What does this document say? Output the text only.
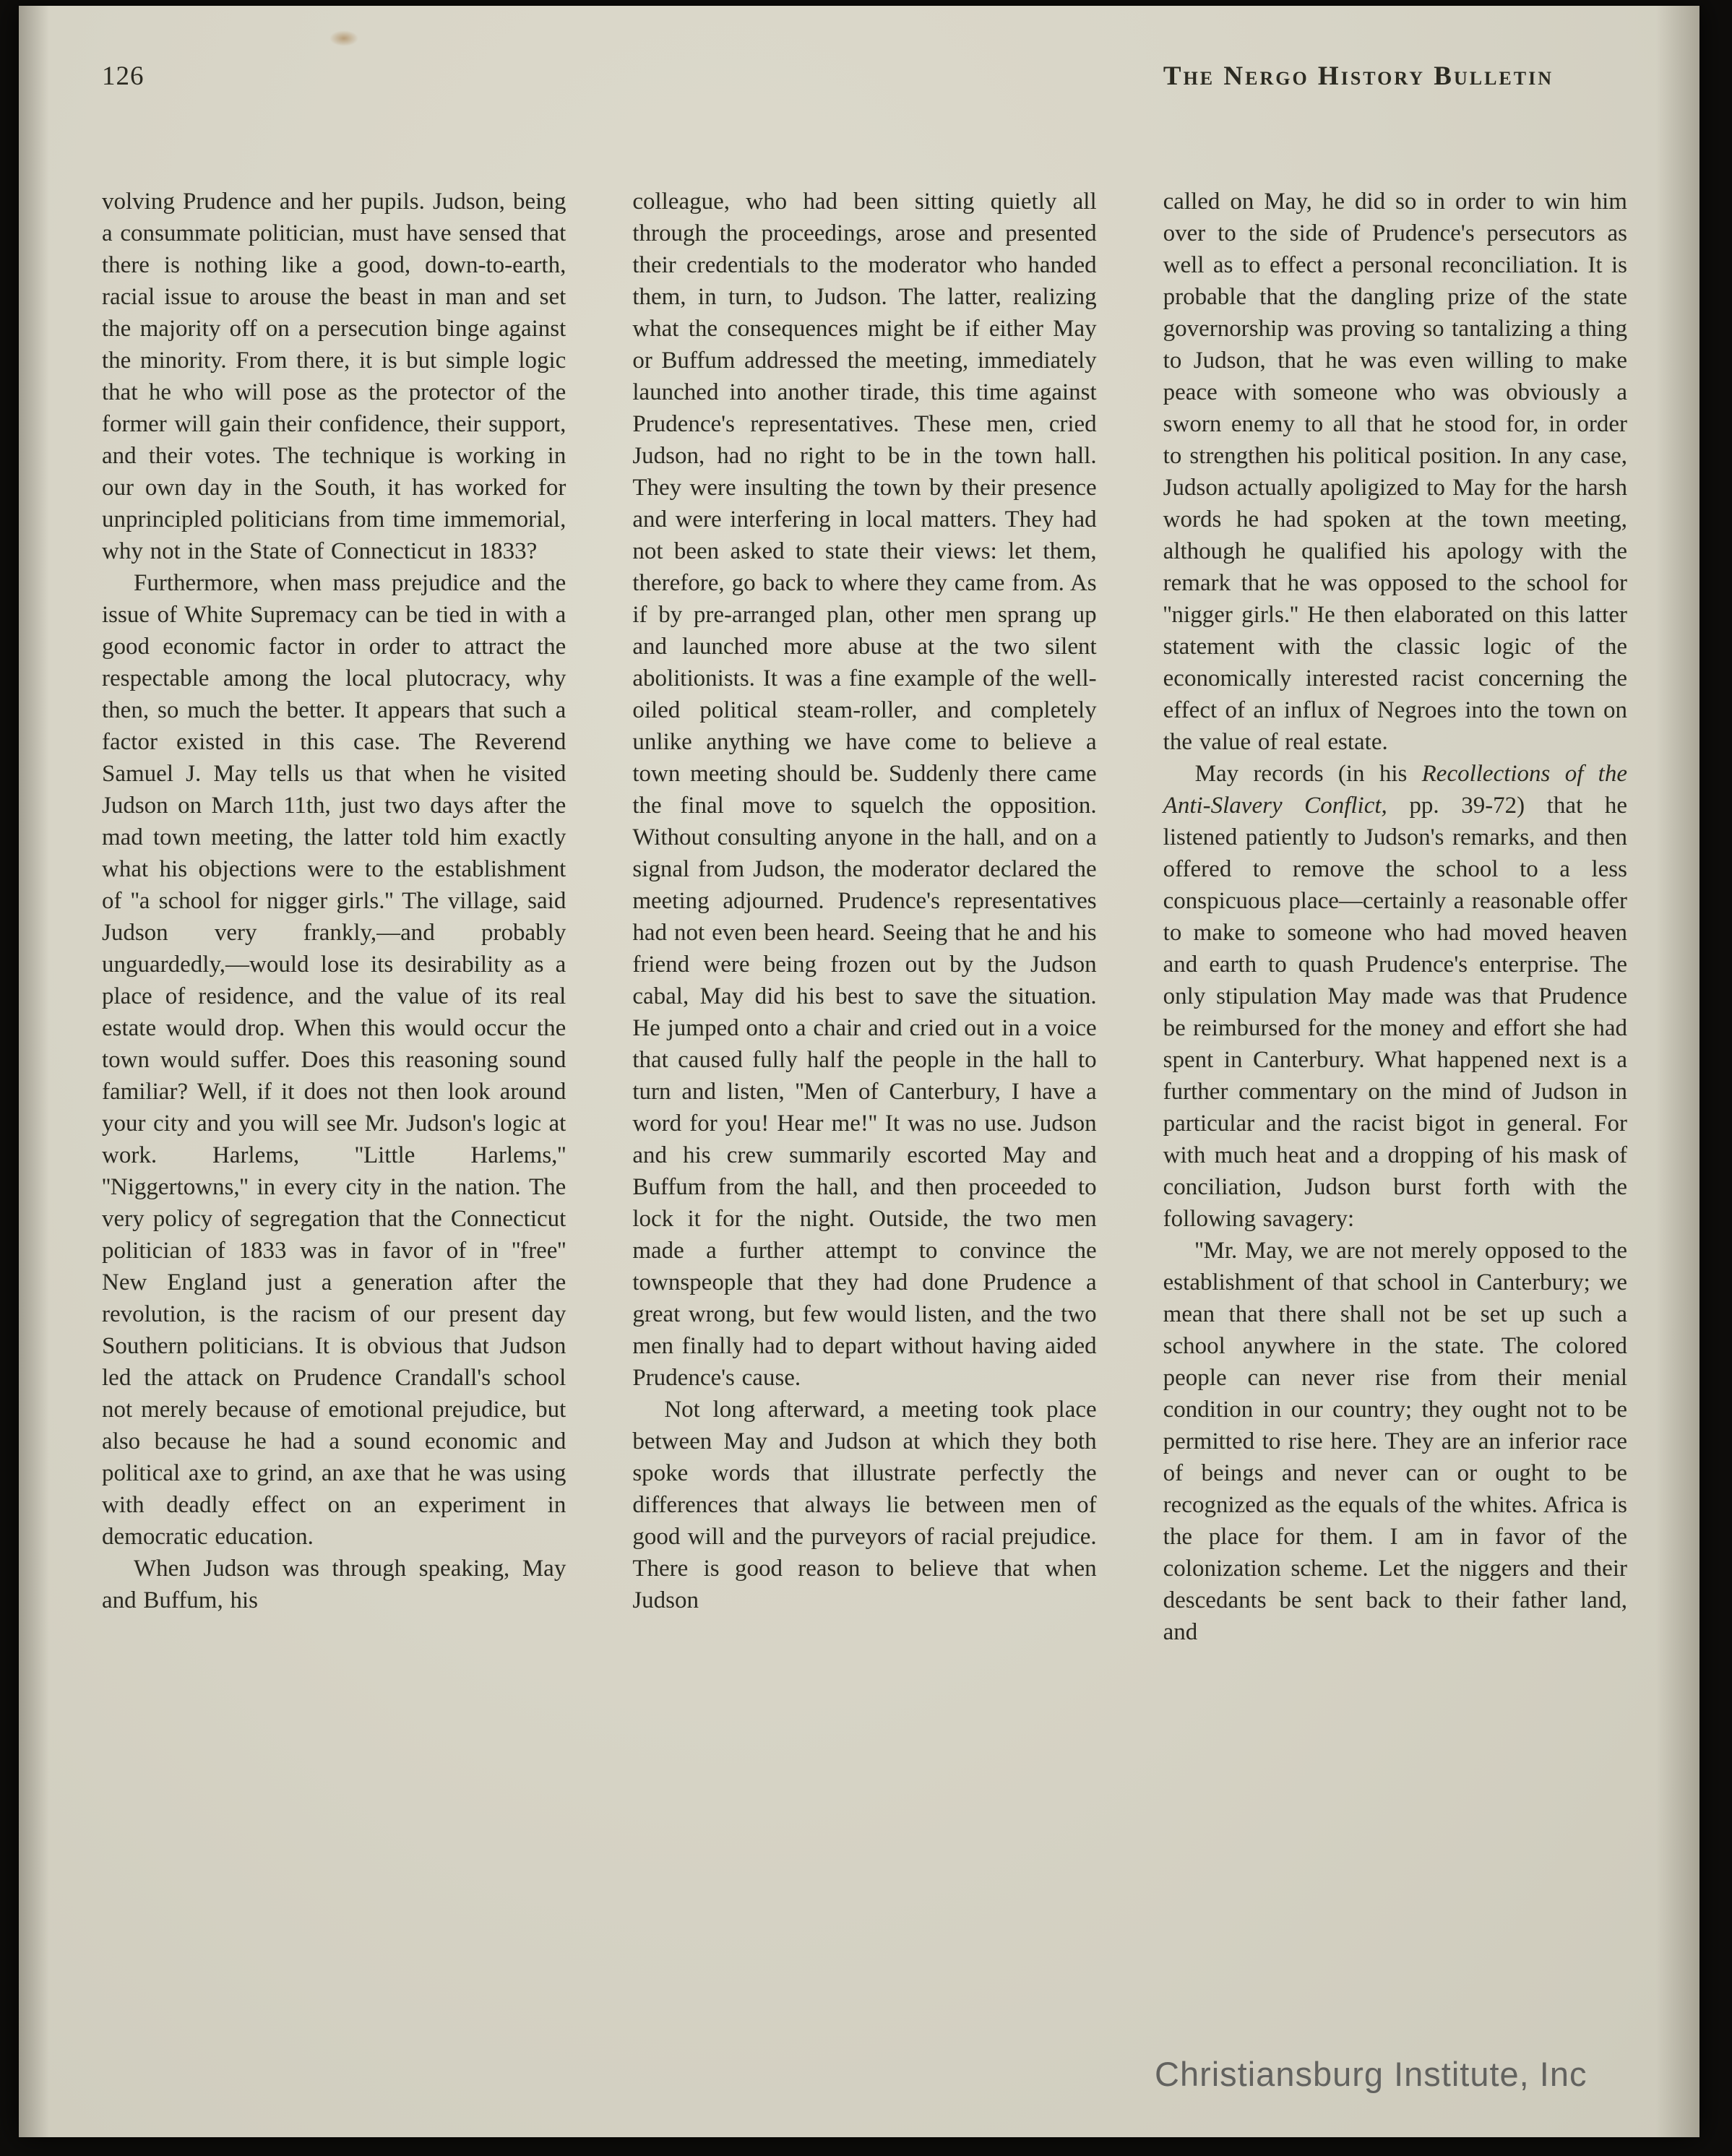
126	The Nergo History Bulletin

volving Prudence and her pupils. Judson, being a consummate politician, must have sensed that there is nothing like a good, down-to-earth, racial issue to arouse the beast in man and set the majority off on a persecution binge against the minority. From there, it is but simple logic that he who will pose as the protector of the former will gain their confidence, their support, and their votes. The technique is working in our own day in the South, it has worked for unprincipled politicians from time immemorial, why not in the State of Connecticut in 1833?

Furthermore, when mass prejudice and the issue of White Supremacy can be tied in with a good economic factor in order to attract the respectable among the local plutocracy, why then, so much the better. It appears that such a factor existed in this case. The Reverend Samuel J. May tells us that when he visited Judson on March 11th, just two days after the mad town meeting, the latter told him exactly what his objections were to the establishment of ''a school for nigger girls.'' The village, said Judson very frankly,—and probably unguardedly,—would lose its desirability as a place of residence, and the value of its real estate would drop. When this would occur the town would suffer. Does this reasoning sound familiar? Well, if it does not then look around your city and you will see Mr. Judson's logic at work. Harlems, ''Little Harlems,'' ''Niggertowns,'' in every city in the nation. The very policy of segregation that the Connecticut politician of 1833 was in favor of in ''free'' New England just a generation after the revolution, is the racism of our present day Southern politicians. It is obvious that Judson led the attack on Prudence Crandall's school not merely because of emotional prejudice, but also because he had a sound economic and political axe to grind, an axe that he was using with deadly effect on an experiment in democratic education.

When Judson was through speaking, May and Buffum, his

colleague, who had been sitting quietly all through the proceedings, arose and presented their credentials to the moderator who handed them, in turn, to Judson. The latter, realizing what the consequences might be if either May or Buffum addressed the meeting, immediately launched into another tirade, this time against Prudence's representatives. These men, cried Judson, had no right to be in the town hall. They were insulting the town by their presence and were interfering in local matters. They had not been asked to state their views: let them, therefore, go back to where they came from. As if by pre-arranged plan, other men sprang up and launched more abuse at the two silent abolitionists. It was a fine example of the well-oiled political steam-roller, and completely unlike anything we have come to believe a town meeting should be. Suddenly there came the final move to squelch the opposition. Without consulting anyone in the hall, and on a signal from Judson, the moderator declared the meeting adjourned. Prudence's representatives had not even been heard. Seeing that he and his friend were being frozen out by the Judson cabal, May did his best to save the situation. He jumped onto a chair and cried out in a voice that caused fully half the people in the hall to turn and listen, ''Men of Canterbury, I have a word for you! Hear me!'' It was no use. Judson and his crew summarily escorted May and Buffum from the hall, and then proceeded to lock it for the night. Outside, the two men made a further attempt to convince the townspeople that they had done Prudence a great wrong, but few would listen, and the two men finally had to depart without having aided Prudence's cause.

Not long afterward, a meeting took place between May and Judson at which they both spoke words that illustrate perfectly the differences that always lie between men of good will and the purveyors of racial prejudice. There is good reason to believe that when Judson

called on May, he did so in order to win him over to the side of Prudence's persecutors as well as to effect a personal reconciliation. It is probable that the dangling prize of the state governorship was proving so tantalizing a thing to Judson, that he was even willing to make peace with someone who was obviously a sworn enemy to all that he stood for, in order to strengthen his political position. In any case, Judson actually apoligized to May for the harsh words he had spoken at the town meeting, although he qualified his apology with the remark that he was opposed to the school for ''nigger girls.'' He then elaborated on this latter statement with the classic logic of the economically interested racist concerning the effect of an influx of Negroes into the town on the value of real estate.

May records (in his Recollections of the Anti-Slavery Conflict, pp. 39-72) that he listened patiently to Judson's remarks, and then offered to remove the school to a less conspicuous place—certainly a reasonable offer to make to someone who had moved heaven and earth to quash Prudence's enterprise. The only stipulation May made was that Prudence be reimbursed for the money and effort she had spent in Canterbury. What happened next is a further commentary on the mind of Judson in particular and the racist bigot in general. For with much heat and a dropping of his mask of conciliation, Judson burst forth with the following savagery:

''Mr. May, we are not merely opposed to the establishment of that school in Canterbury; we mean that there shall not be set up such a school anywhere in the state. The colored people can never rise from their menial condition in our country; they ought not to be permitted to rise here. They are an inferior race of beings and never can or ought to be recognized as the equals of the whites. Africa is the place for them. I am in favor of the colonization scheme. Let the niggers and their descedants be sent back to their father land, and

Christiansburg Institute, Inc
